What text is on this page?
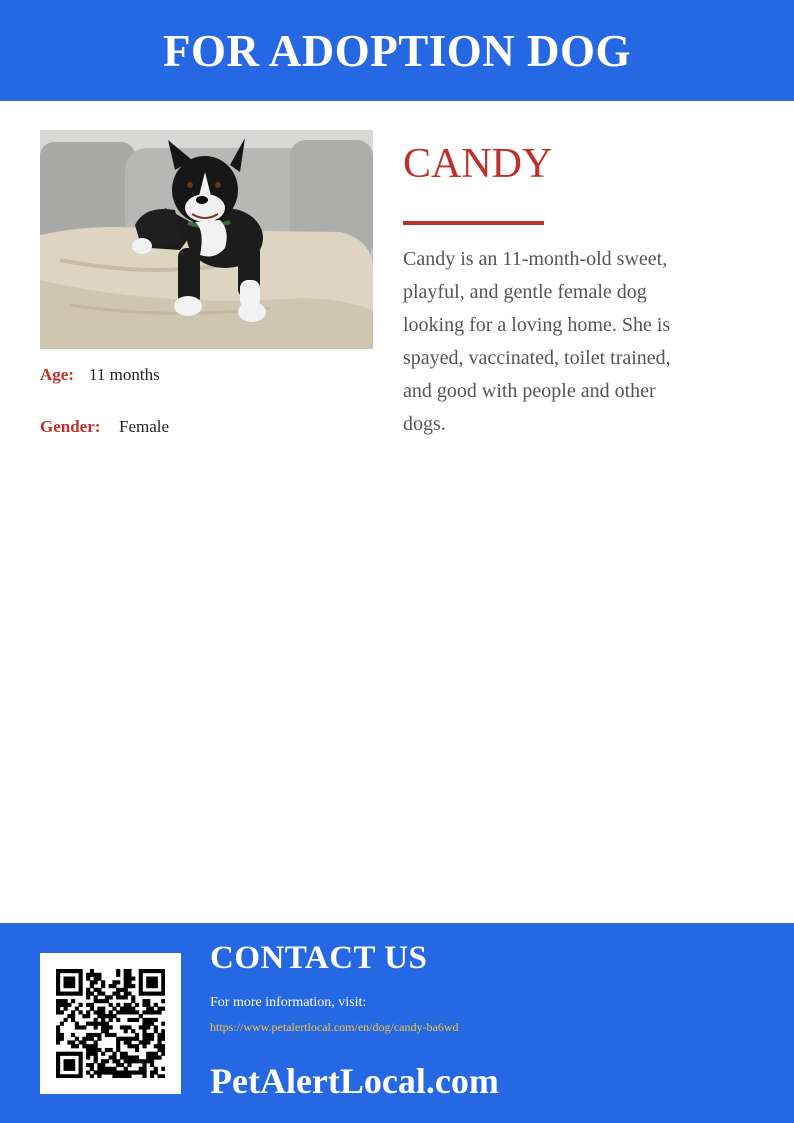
FOR ADOPTION DOG
Age: 11 months
Gender: Female
CANDY

Candy is an 11-month-old sweet, playful, and gentle female dog looking for a loving home. She is spayed, vaccinated, toilet trained, and good with people and other dogs.

CONTACT US
For more information, visit:
https://www.petalertlocal.com/en/dog/candy-ba6wd
PetAlertLocal.com
